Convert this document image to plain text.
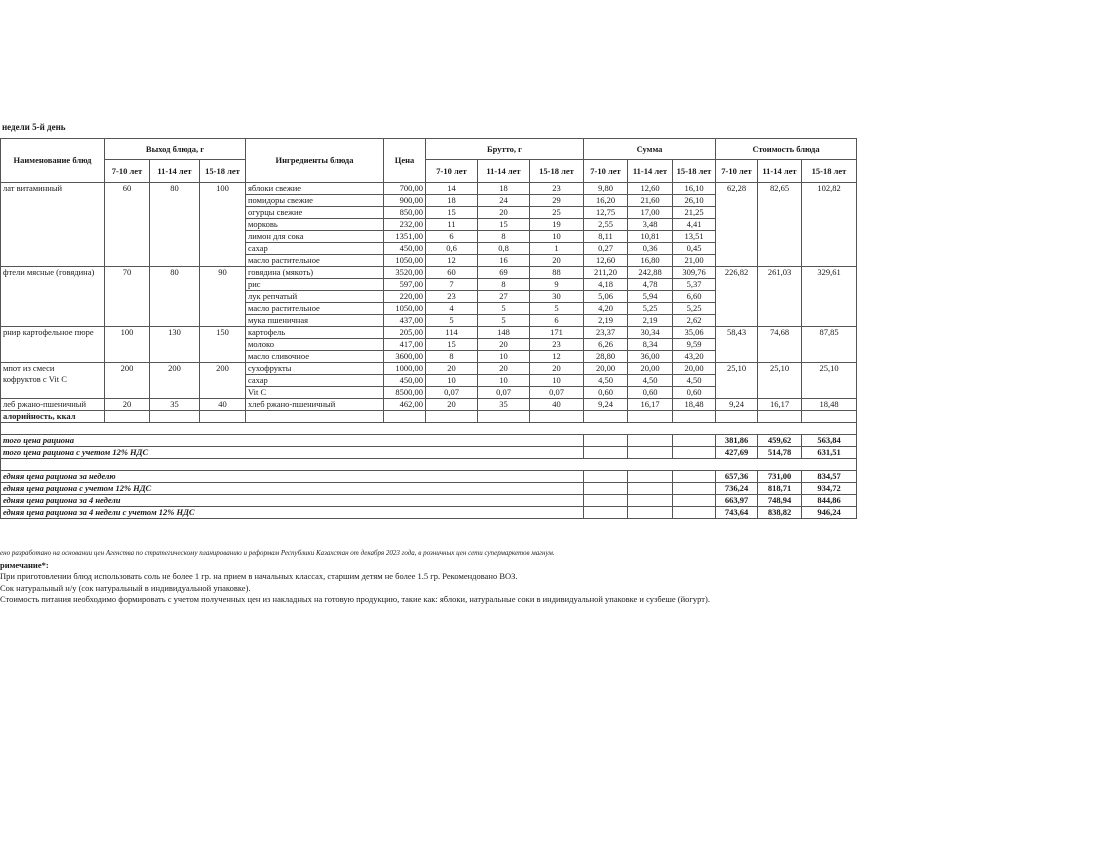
недели 5-й день
Наименование блюд	Выход блюда, г			Ингредиенты блюда	Цена	Брутто, г			Сумма			Стоимость блюда		
	7-10 лет	11-14 лет	15-18 лет			7-10 лет	11-14 лет	15-18 лет	7-10 лет	11-14 лет	15-18 лет	7-10 лет	11-14 лет	15-18 лет

лат витаминный	60	80	100	яблоки свежие	700,00	14	18	23	9,80	12,60	16,10	62,28	82,65	102,82
				помидоры свежие	900,00	18	24	29	16,20	21,60	26,10			
				огурцы свежие	850,00	15	20	25	12,75	17,00	21,25			
				морковь	232,00	11	15	19	2,55	3,48	4,41			
				лимон для сока	1351,00	6	8	10	8,11	10,81	13,51			
				сахар	450,00	0,6	0,8	1	0,27	0,36	0,45			
				масло растительное	1050,00	12	16	20	12,60	16,80	21,00			

фтели мясные (говядина)	70	80	90	говядина (мякоть)	3520,00	60	69	88	211,20	242,88	309,76	226,82	261,03	329,61
				рис	597,00	7	8	9	4,18	4,78	5,37			
				лук репчатый	220,00	23	27	30	5,06	5,94	6,60			
				масло растительное	1050,00	4	5	5	4,20	5,25	5,25			
				мука пшеничная	437,00	5	5	6	2,19	2,19	2,62			

рнир картофельное пюре	100	130	150	картофель	205,00	114	148	171	23,37	30,34	35,06	58,43	74,68	87,85
				молоко	417,00	15	20	23	6,26	8,34	9,59			
				масло сливочное	3600,00	8	10	12	28,80	36,00	43,20			

мпот из смеси
кофруктов с Vit C	200	200	200	сухофрукты	1000,00	20	20	20	20,00	20,00	20,00	25,10	25,10	25,10
				сахар	450,00	10	10	10	4,50	4,50	4,50			
				Vit C	8500,00	0,07	0,07	0,07	0,60	0,60	0,60			

леб ржано-пшеничный	20	35	40	хлеб ржано-пшеничный	462,00	20	35	40	9,24	16,17	18,48	9,24	16,17	18,48
алорийность, ккал														

того цена рациона												381,86	459,62	563,84
того цена рациона с учетом 12% НДС												427,69	514,78	631,51

едняя цена рациона за неделю												657,36	731,00	834,57
едняя цена рациона с учетом 12% НДС												736,24	818,71	934,72
едняя цена рациона за 4 недели												663,97	748,94	844,86
едняя цена рациона за 4 недели с учетом 12% НДС												743,64	838,82	946,24

ено разработано на основании цен Агенства по стратегическому планированию и реформам Республики Казахстан от декабря 2023 года, в розничных цен сети супермаркетов магнум.

римечание*:

При приготовлении блюд использовать соль не более 1 гр. на прием в начальных классах, старшим детям не более 1.5 гр. Рекомендовано ВОЗ.

Сок натуральный н/у (сок натуральный в индивидуальной упаковке).

Стоимость питания необходимо формировать с учетом полученных цен из накладных на готовую продукцию, такие как: яблоки, натуральные соки в индивидуальной упаковке и сузбеше (йогурт).
